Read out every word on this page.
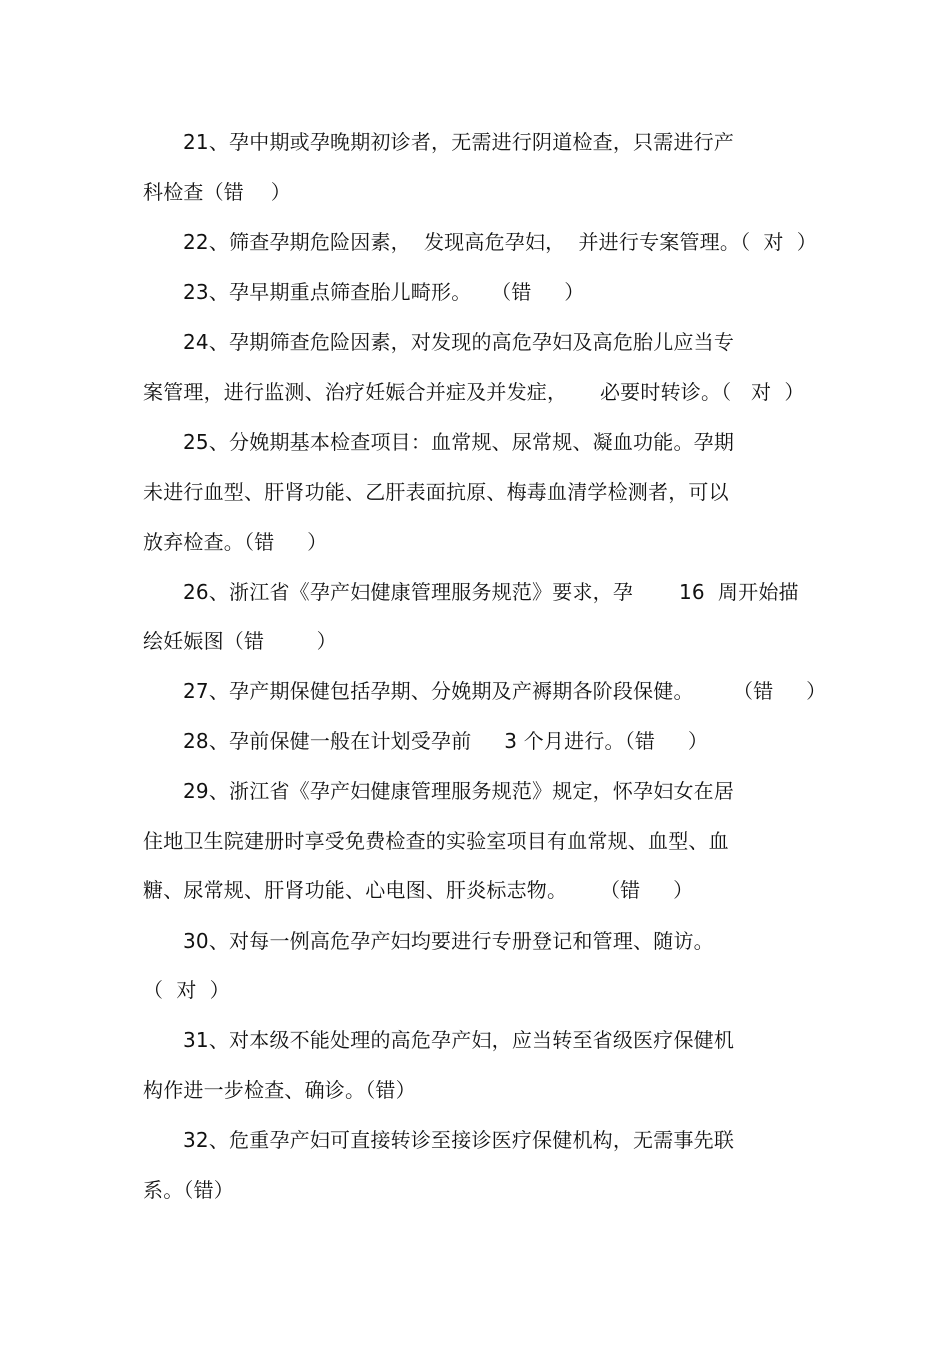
21、孕中期或孕晚期初诊者，无需进行阴道检查，只需进行产
科检查（错　 ）
22、筛查孕期危险因素，  发现高危孕妇，  并进行专案管理。（  对  ）
23、孕早期重点筛查胎儿畸形。   （错     ）
24、孕期筛查危险因素，对发现的高危孕妇及高危胎儿应当专
案管理，进行监测、治疗妊娠合并症及并发症，     必要时转诊。（   对  ）
25、分娩期基本检查项目：血常规、尿常规、凝血功能。孕期
未进行血型、肝肾功能、乙肝表面抗原、梅毒血清学检测者，可以
放弃检查。（错     ）
26、浙江省《孕产妇健康管理服务规范》要求，孕       16  周开始描
绘妊娠图（错        ）
27、孕产期保健包括孕期、分娩期及产褥期各阶段保健。      （错     ）
28、孕前保健一般在计划受孕前     3 个月进行。（错     ）
29、浙江省《孕产妇健康管理服务规范》规定，怀孕妇女在居
住地卫生院建册时享受免费检查的实验室项目有血常规、血型、血
糖、尿常规、肝肾功能、心电图、肝炎标志物。     （错     ）
30、对每一例高危孕产妇均要进行专册登记和管理、随访。
（  对  ）
31、对本级不能处理的高危孕产妇，应当转至省级医疗保健机
构作进一步检查、确诊。（错）
32、危重孕产妇可直接转诊至接诊医疗保健机构，无需事先联
系。（错）
